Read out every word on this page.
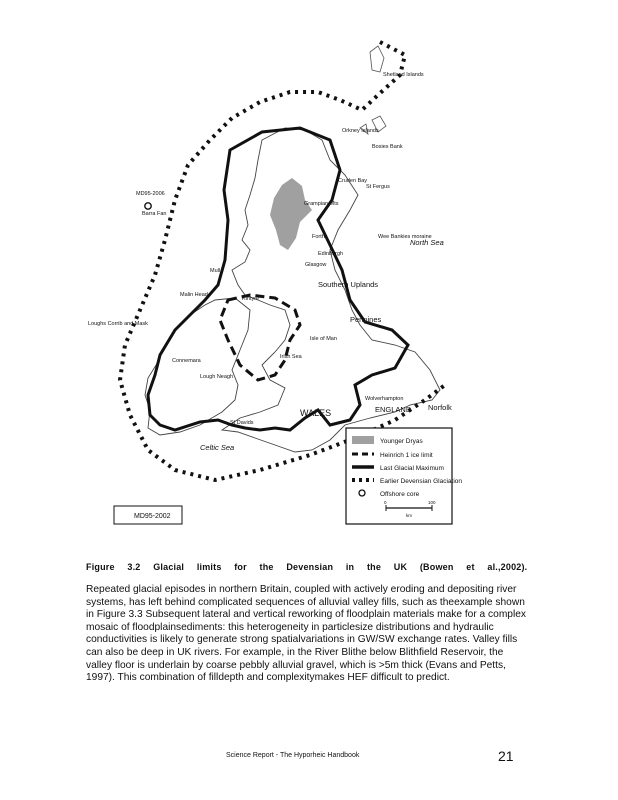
Shetland Islands
Orkney Islands
Bosies Bank
St Fergus
Cruden Bay
Grampian Mts
Wee Bankies moraine
Forth
Edinburgh
Glasgow
Mull
Kintyre
Malin Head
Loughs Corrib and Mask
Isle of Man
Irish Sea
Connemara
Lough Neagh
Wolverhampton
St Davids
MD95-2006
Barra Fan
North Sea
Southern Uplands
Pennines
ENGLAND Norfolk
Celtic Sea
WALES
MD95-2002
Younger Dryas
Heinrich 1 ice limit
Last Glacial Maximum
Earlier Devensian Glaciation
Offshore core
0	100
km
Figure 3.2 Glacial limits for the Devensian in the UK (Bowen et al.,2002).
Repeated glacial episodes in northern Britain, coupled with actively eroding and depositing river systems, has left behind complicated sequences of alluvial valley fills, such as theexample shown in Figure 3.3 Subsequent lateral and vertical reworking of floodplain materials make for a complex mosaic of floodplainsediments: this heterogeneity in particlesize distributions and hydraulic conductivities is likely to generate strong spatialvariations in GW/SW exchange rates. Valley fills can also be deep in UK rivers. For example, in the River Blithe below Blithfield Reservoir, the valley floor is underlain by coarse pebbly alluvial gravel, which is >5m thick (Evans and Petts, 1997). This combination of filldepth and complexitymakes HEF difficult to predict.
Science Report - The Hyporheic Handbook	21
